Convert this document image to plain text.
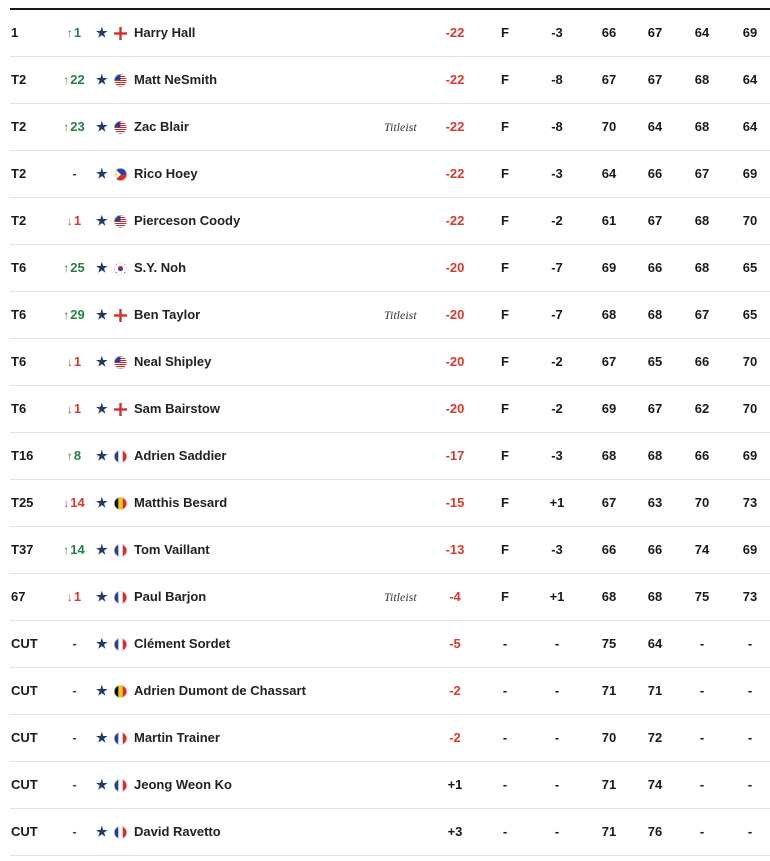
1	↑1	★ Harry Hall	-22	F	-3	66	67	64	69
T2	↑22 ★ Matt NeSmith	-22	F	-8	67	67	68	64
T2	↑23 ★ Zac Blair	Titleist	-22	F	-8	70	64	68	64
T2	-	★ Rico Hoey	-22	F	-3	64	66	67	69
T2	↓1	★ Pierceson Coody	-22	F	-2	61	67	68	70
T6	↑25 ★ S.Y. Noh	-20	F	-7	69	66	68	65
T6	↑29 ★ Ben Taylor	Titleist	-20	F	-7	68	68	67	65
T6	↓1	★ Neal Shipley	-20	F	-2	67	65	66	70
T6	↓1	★ Sam Bairstow	-20	F	-2	69	67	62	70
T16	↑8	★ Adrien Saddier	-17	F	-3	68	68	66	69
T25 ↓14 ★ Matthis Besard	-15	F	+1	67	63	70	73
T37 ↑14 ★ Tom Vaillant	-13	F	-3	66	66	74	69
67	↓1	★ Paul Barjon	Titleist	-4	F	+1	68	68	75	73
CUT	-	★ Clément Sordet	-5	-	-	75	64	-	-
CUT	-	★ Adrien Dumont de Chassart	-2	-	-	71	71	-	-
CUT	-	★ Martin Trainer	-2	-	-	70	72	-	-
CUT	-	★ Jeong Weon Ko	+1	-	-	71	74	-	-
CUT	-	★ David Ravetto	+3	-	-	71	76	-	-
